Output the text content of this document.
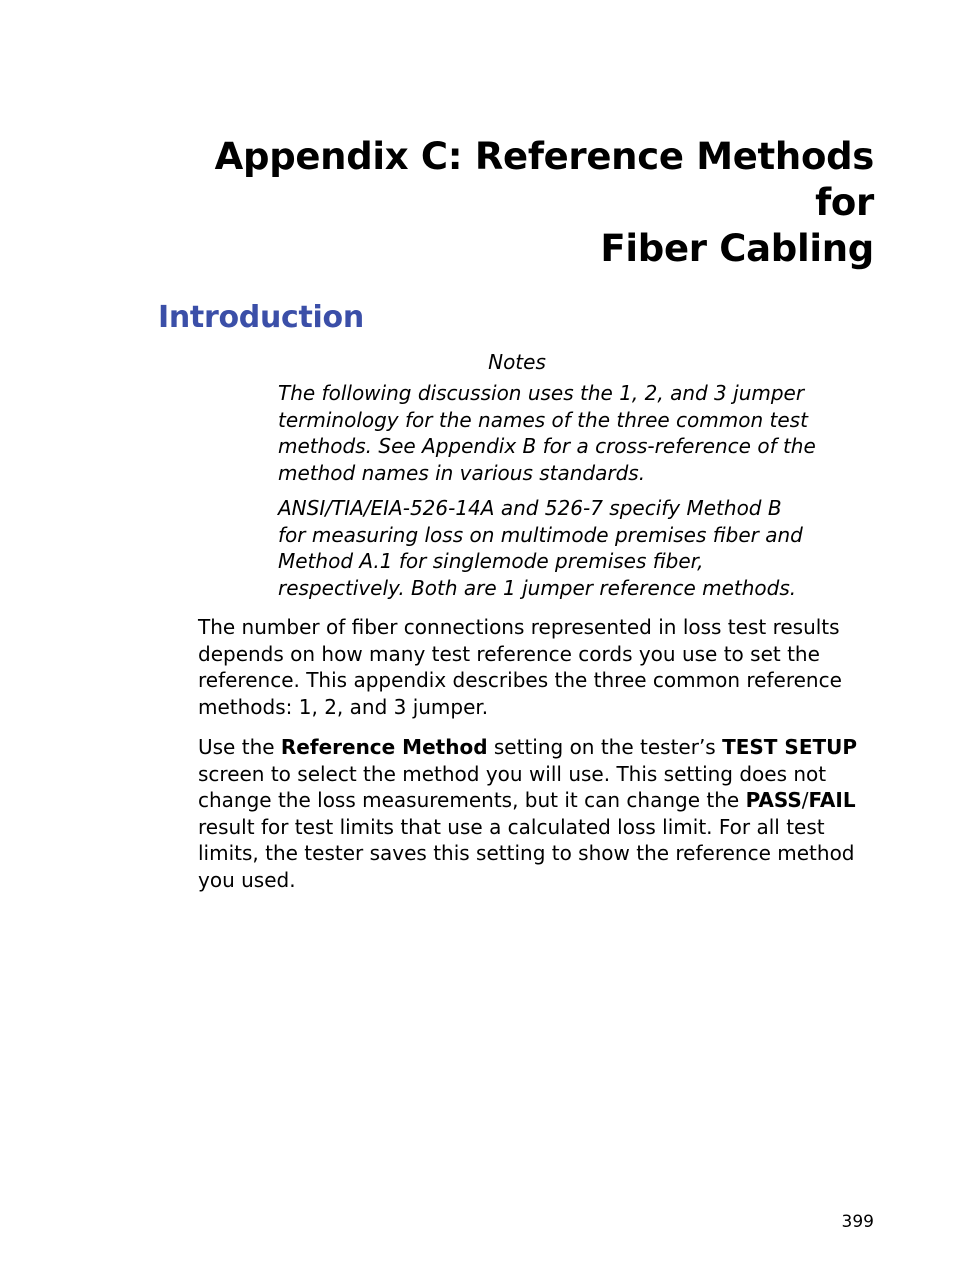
Appendix C: Reference Methods for
Fiber Cabling
Introduction
Notes

The following discussion uses the 1, 2, and 3 jumper
terminology for the names of the three common test
methods. See Appendix B for a cross-reference of the
method names in various standards.

ANSI/TIA/EIA-526-14A and 526-7 specify Method B
for measuring loss on multimode premises fiber and
Method A.1 for singlemode premises fiber,
respectively. Both are 1 jumper reference methods.

The number of fiber connections represented in loss test results
depends on how many test reference cords you use to set the
reference. This appendix describes the three common reference
methods: 1, 2, and 3 jumper.

Use the Reference Method setting on the tester’s TEST SETUP
screen to select the method you will use. This setting does not
change the loss measurements, but it can change the PASS/FAIL
result for test limits that use a calculated loss limit. For all test
limits, the tester saves this setting to show the reference method
you used.

399
